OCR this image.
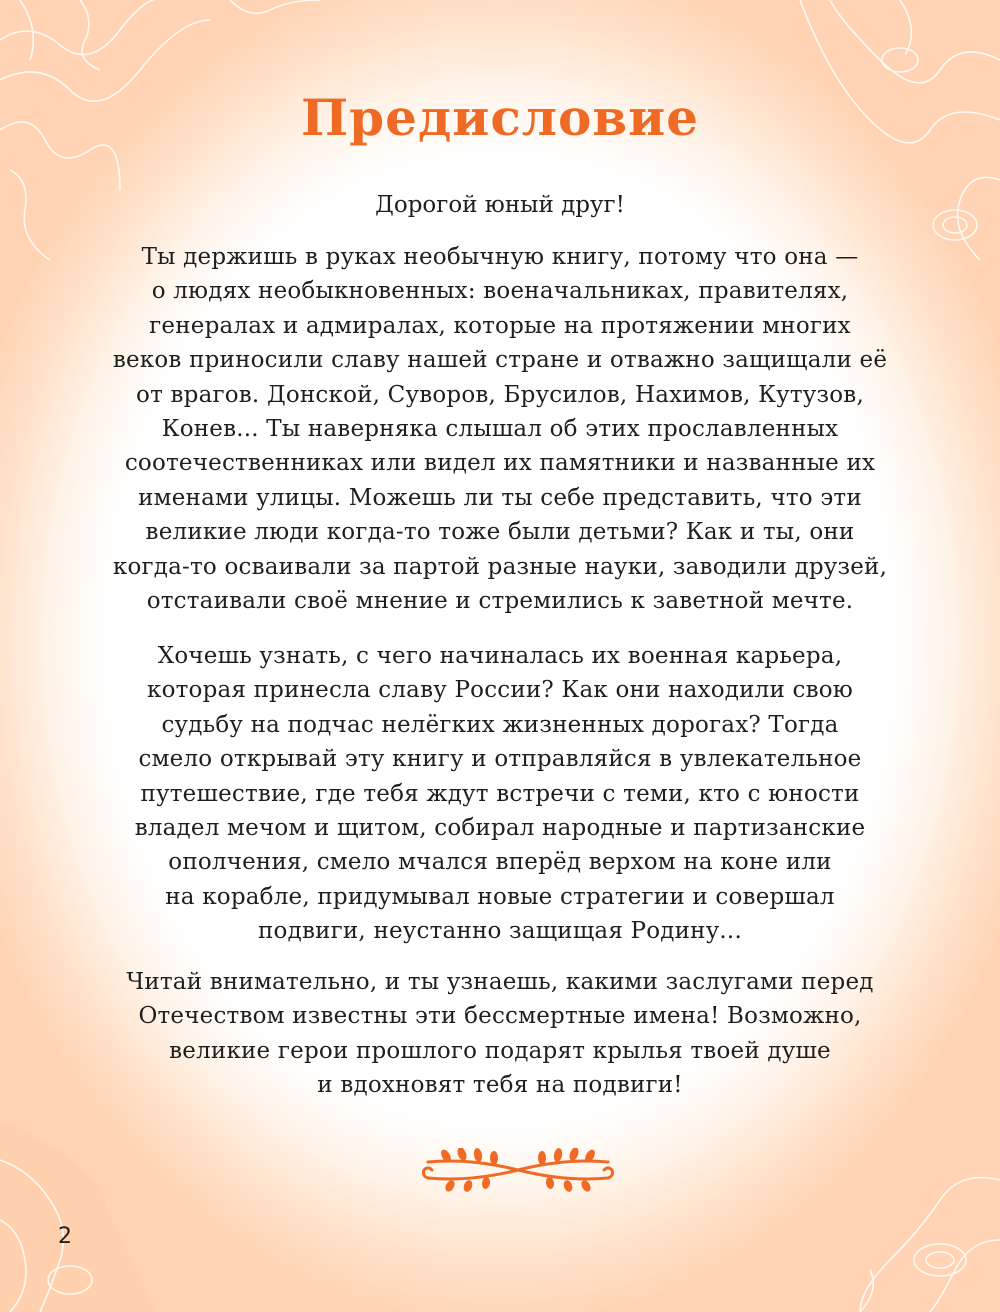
Предисловие
Дорогой юный друг!
Ты держишь в руках необычную книгу, потому что она —
о людях необыкновенных: военачальниках, правителях,
генералах и адмиралах, которые на протяжении многих
веков приносили славу нашей стране и отважно защищали её
от врагов. Донской, Суворов, Брусилов, Нахимов, Кутузов,
Конев... Ты наверняка слышал об этих прославленных
соотечественниках или видел их памятники и названные их
именами улицы. Можешь ли ты себе представить, что эти
великие люди когда-то тоже были детьми? Как и ты, они
когда-то осваивали за партой разные науки, заводили друзей,
отстаивали своё мнение и стремились к заветной мечте.
Хочешь узнать, с чего начиналась их военная карьера,
которая принесла славу России? Как они находили свою
судьбу на подчас нелёгких жизненных дорогах? Тогда
смело открывай эту книгу и отправляйся в увлекательное
путешествие, где тебя ждут встречи с теми, кто с юности
владел мечом и щитом, собирал народные и партизанские
ополчения, смело мчался вперёд верхом на коне или
на корабле, придумывал новые стратегии и совершал
подвиги, неустанно защищая Родину...
Читай внимательно, и ты узнаешь, какими заслугами перед
Отечеством известны эти бессмертные имена! Возможно,
великие герои прошлого подарят крылья твоей душе
и вдохновят тебя на подвиги!
2
